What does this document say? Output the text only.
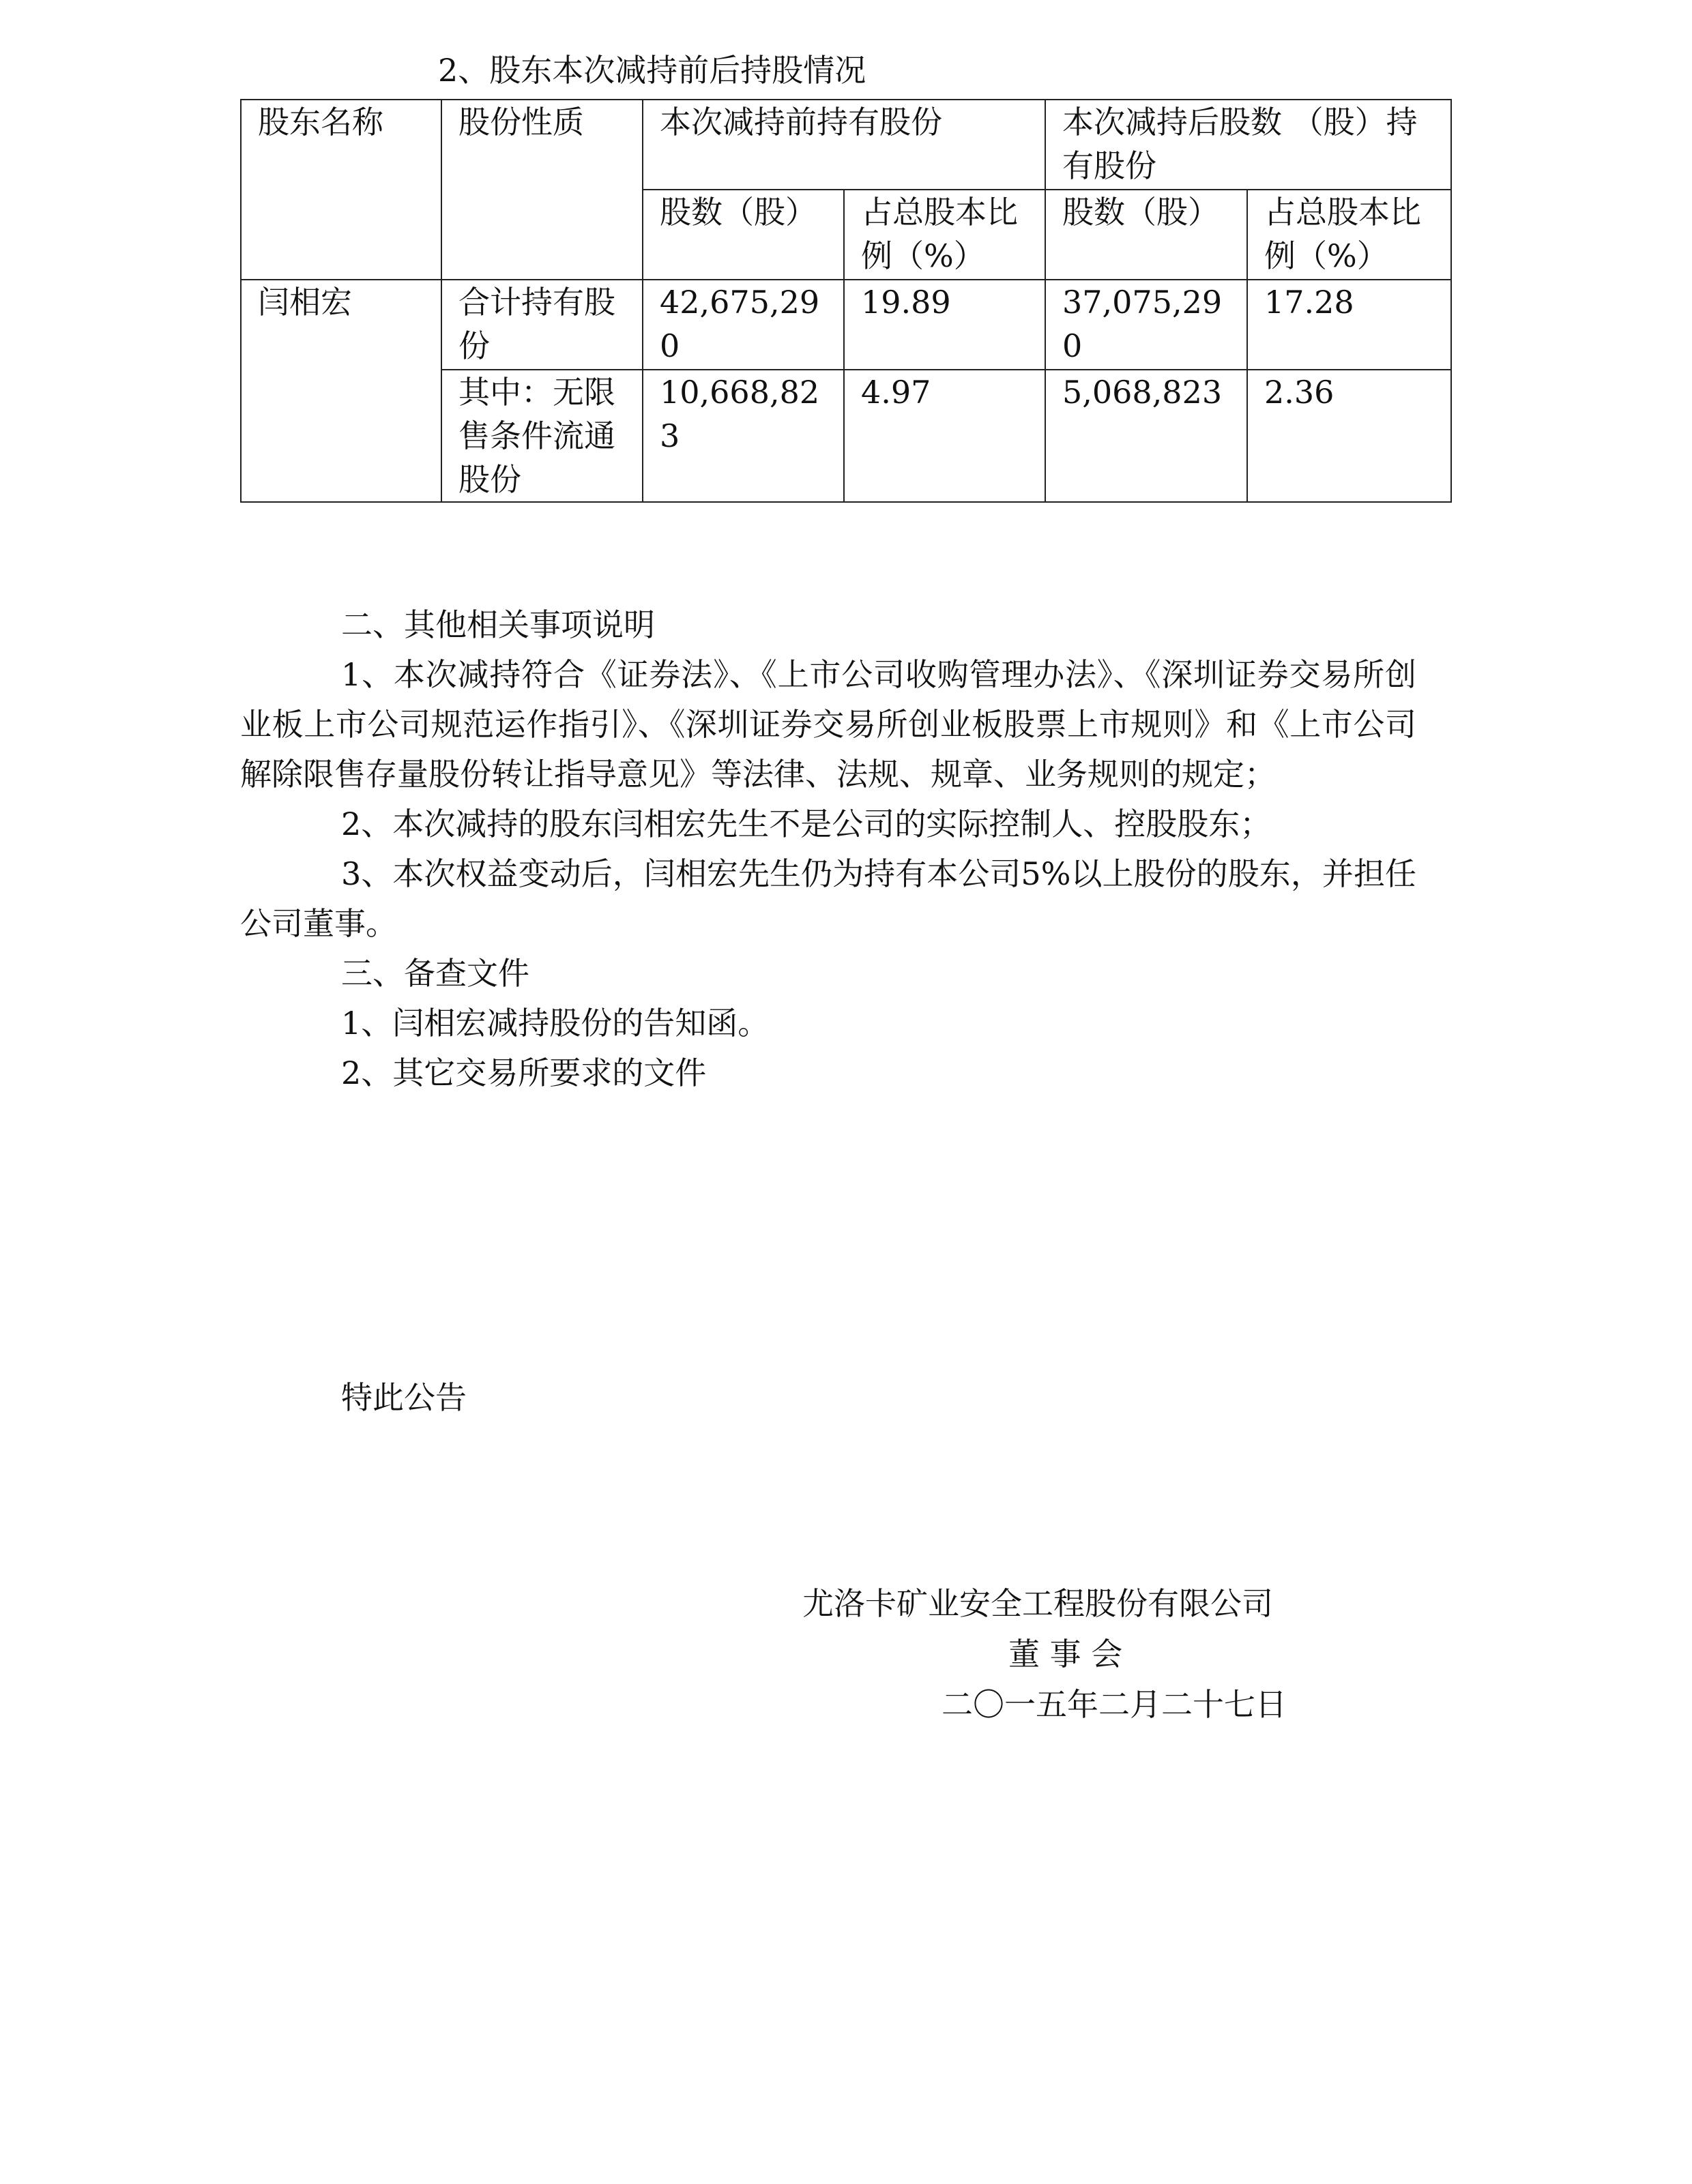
2、股东本次减持前后持股情况
股东名称	股份性质	本次减持前持有股份		本次减持后股数 （股）持有股份	
		股数（股）	占总股本比例（%）	股数（股）	占总股本比例（%）
闫相宏	合计持有股份	42,675,290	19.89	37,075,290	17.28
	其中：无限售条件流通股份	10,668,823	4.97	5,068,823	2.36

二、其他相关事项说明

1、本次减持符合《证券法》、《上市公司收购管理办法》、《深圳证券交易所创业板上市公司规范运作指引》、《深圳证券交易所创业板股票上市规则》和《上市公司解除限售存量股份转让指导意见》等法律、法规、规章、业务规则的规定；

2、本次减持的股东闫相宏先生不是公司的实际控制人、控股股东；

3、本次权益变动后，闫相宏先生仍为持有本公司5%以上股份的股东，并担任公司董事。

三、备查文件

1、闫相宏减持股份的告知函。

2、其它交易所要求的文件

特此公告
尤洛卡矿业安全工程股份有限公司
董 事 会
二〇一五年二月二十七日
